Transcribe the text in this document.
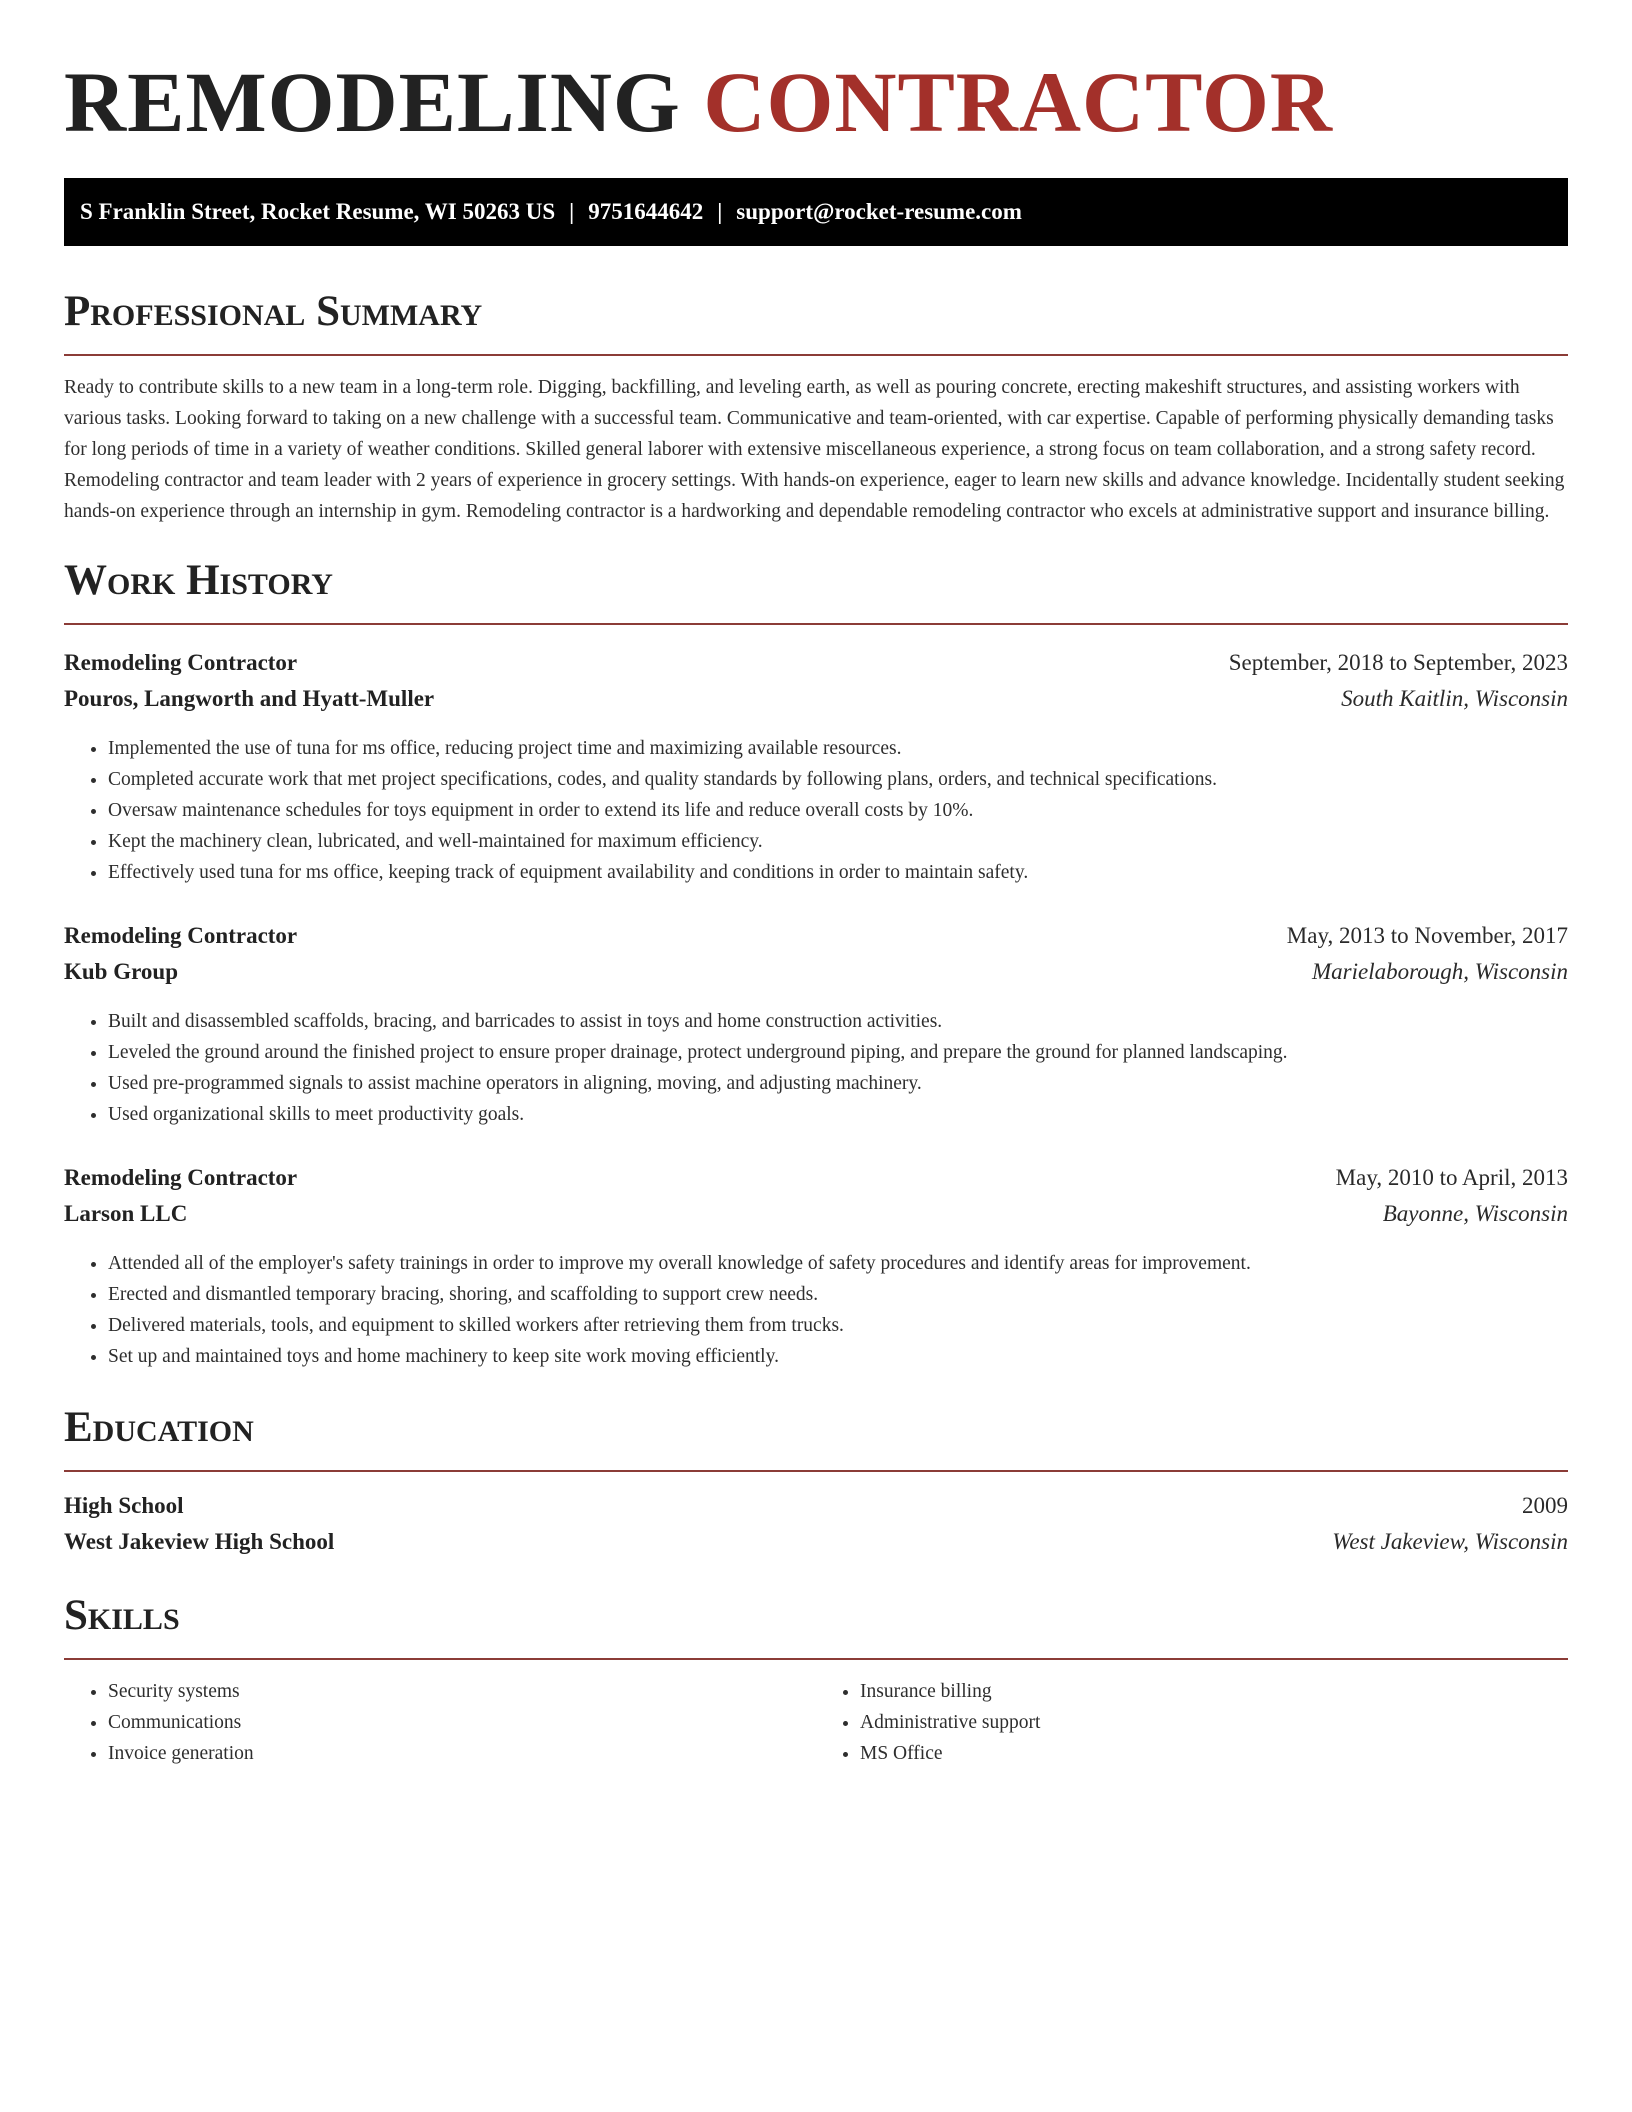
REMODELING CONTRACTOR
S Franklin Street, Rocket Resume, WI 50263 US | 9751644642 | support@rocket-resume.com
Professional Summary

Ready to contribute skills to a new team in a long-term role. Digging, backfilling, and leveling earth, as well as pouring concrete, erecting makeshift structures, and assisting workers with various tasks. Looking forward to taking on a new challenge with a successful team. Communicative and team-oriented, with car expertise. Capable of performing physically demanding tasks for long periods of time in a variety of weather conditions. Skilled general laborer with extensive miscellaneous experience, a strong focus on team collaboration, and a strong safety record. Remodeling contractor and team leader with 2 years of experience in grocery settings. With hands-on experience, eager to learn new skills and advance knowledge. Incidentally student seeking hands-on experience through an internship in gym. Remodeling contractor is a hardworking and dependable remodeling contractor who excels at administrative support and insurance billing.

Work History
Remodeling Contractor	September, 2018 to September, 2023
Pouros, Langworth and Hyatt-Muller	South Kaitlin, Wisconsin
• Implemented the use of tuna for ms office, reducing project time and maximizing available resources.
• Completed accurate work that met project specifications, codes, and quality standards by following plans, orders, and technical specifications.
• Oversaw maintenance schedules for toys equipment in order to extend its life and reduce overall costs by 10%.
• Kept the machinery clean, lubricated, and well-maintained for maximum efficiency.
• Effectively used tuna for ms office, keeping track of equipment availability and conditions in order to maintain safety.
Remodeling Contractor	May, 2013 to November, 2017
Kub Group	Marielaborough, Wisconsin
• Built and disassembled scaffolds, bracing, and barricades to assist in toys and home construction activities.
• Leveled the ground around the finished project to ensure proper drainage, protect underground piping, and prepare the ground for planned landscaping.
• Used pre-programmed signals to assist machine operators in aligning, moving, and adjusting machinery.
• Used organizational skills to meet productivity goals.
Remodeling Contractor	May, 2010 to April, 2013
Larson LLC	Bayonne, Wisconsin
• Attended all of the employer's safety trainings in order to improve my overall knowledge of safety procedures and identify areas for improvement.
• Erected and dismantled temporary bracing, shoring, and scaffolding to support crew needs.
• Delivered materials, tools, and equipment to skilled workers after retrieving them from trucks.
• Set up and maintained toys and home machinery to keep site work moving efficiently.
Education
High School	2009
West Jakeview High School	West Jakeview, Wisconsin
Skills
• Security systems
• Communications
• Invoice generation
• Insurance billing
• Administrative support
• MS Office
